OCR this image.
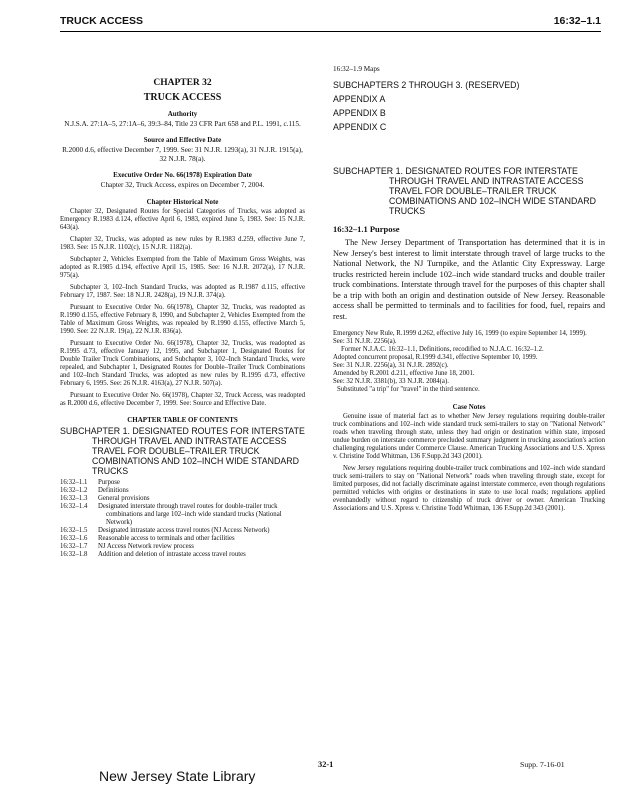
TRUCK ACCESS	16:32–1.1
CHAPTER 32
TRUCK ACCESS
Authority
N.J.S.A. 27:1A–5, 27:1A–6, 39:3–84, Title 23 CFR Part 658 and P.L. 1991, c.115.
Source and Effective Date
R.2000 d.6, effective December 7, 1999. See: 31 N.J.R. 1293(a), 31 N.J.R. 1915(a), 32 N.J.R. 78(a).
Executive Order No. 66(1978) Expiration Date
Chapter 32, Truck Access, expires on December 7, 2004.
Chapter Historical Note

Chapter 32, Designated Routes for Special Categories of Trucks, was adopted as Emergency R.1983 d.124, effective April 6, 1983, expired June 5, 1983. See: 15 N.J.R. 643(a).

Chapter 32, Trucks, was adopted as new rules by R.1983 d.259, effective June 7, 1983. See: 15 N.J.R. 1102(c), 15 N.J.R. 1182(a).

Subchapter 2, Vehicles Exempted from the Table of Maximum Gross Weights, was adopted as R.1985 d.194, effective April 15, 1985. See: 16 N.J.R. 2072(a), 17 N.J.R. 975(a).

Subchapter 3, 102–Inch Standard Trucks, was adopted as R.1987 d.115, effective February 17, 1987. See: 18 N.J.R. 2428(a), 19 N.J.R. 374(a).

Pursuant to Executive Order No. 66(1978), Chapter 32, Trucks, was readopted as R.1990 d.155, effective February 8, 1990, and Subchapter 2, Vehicles Exempted from the Table of Maximum Gross Weights, was repealed by R.1990 d.155, effective March 5, 1990. See: 22 N.J.R. 19(a), 22 N.J.R. 836(a).

Pursuant to Executive Order No. 66(1978), Chapter 32, Trucks, was readopted as R.1995 d.73, effective January 12, 1995, and Subchapter 1, Designated Routes for Double Trailer Truck Combinations, and Subchapter 3, 102–Inch Standard Trucks, were repealed, and Subchapter 1, Designated Routes for Double–Trailer Truck Combinations and 102–Inch Standard Trucks, was adopted as new rules by R.1995 d.73, effective February 6, 1995. See: 26 N.J.R. 4163(a), 27 N.J.R. 507(a).

Pursuant to Executive Order No. 66(1978), Chapter 32, Truck Access, was readopted as R.2000 d.6, effective December 7, 1999. See: Source and Effective Date.

CHAPTER TABLE OF CONTENTS
SUBCHAPTER 1. DESIGNATED ROUTES FOR INTERSTATE THROUGH TRAVEL AND INTRASTATE ACCESS TRAVEL FOR DOUBLE–TRAILER TRUCK COMBINATIONS AND 102–INCH WIDE STANDARD TRUCKS
16:32–1.1	Purpose
16:32–1.2	Definitions
16:32–1.3	General provisions
16:32–1.4	Designated interstate through travel routes for double-trailer truck combinations and large 102–inch wide standard trucks (National Network)
16:32–1.5	Designated intrastate access travel routes (NJ Access Network)
16:32–1.6	Reasonable access to terminals and other facilities
16:32–1.7	NJ Access Network review process
16:32–1.8	Addition and deletion of intrastate access travel routes
16:32–1.9 Maps
SUBCHAPTERS 2 THROUGH 3. (RESERVED)
APPENDIX A
APPENDIX B
APPENDIX C
SUBCHAPTER 1. DESIGNATED ROUTES FOR INTERSTATE THROUGH TRAVEL AND INTRASTATE ACCESS TRAVEL FOR DOUBLE–TRAILER TRUCK COMBINATIONS AND 102–INCH WIDE STANDARD TRUCKS
16:32–1.1 Purpose

The New Jersey Department of Transportation has determined that it is in New Jersey's best interest to limit interstate through travel of large trucks to the National Network, the NJ Turnpike, and the Atlantic City Expressway. Large trucks restricted herein include 102–inch wide standard trucks and double trailer truck combinations. Interstate through travel for the purposes of this chapter shall be a trip with both an origin and destination outside of New Jersey. Reasonable access shall be permitted to terminals and to facilities for food, fuel, repairs and rest.

Emergency New Rule, R.1999 d.262, effective July 16, 1999 (to expire September 14, 1999).
See: 31 N.J.R. 2256(a).
Former N.J.A.C. 16:32–1.1, Definitions, recodified to N.J.A.C. 16:32–1.2.
Adopted concurrent proposal, R.1999 d.341, effective September 10, 1999.
See: 31 N.J.R. 2256(a), 31 N.J.R. 2892(c).
Amended by R.2001 d.211, effective June 18, 2001.
See: 32 N.J.R. 3381(b), 33 N.J.R. 2084(a).
Substituted "a trip" for "travel" in the third sentence.
Case Notes

Genuine issue of material fact as to whether New Jersey regulations requiring double-trailer truck combinations and 102–inch wide standard truck semi-trailers to stay on "National Network" roads when traveling through state, unless they had origin or destination within state, imposed undue burden on interstate commerce precluded summary judgment in trucking association's action challenging regulations under Commerce Clause. American Trucking Associations and U.S. Xpress v. Christine Todd Whitman, 136 F.Supp.2d 343 (2001).

New Jersey regulations requiring double-trailer truck combinations and 102–inch wide standard truck semi-trailers to stay on "National Network" roads when traveling through state, except for limited purposes, did not facially discriminate against interstate commerce, even though regulations permitted vehicles with origins or destinations in state to use local roads; regulations applied evenhandedly without regard to citizenship of truck driver or owner. American Trucking Associations and U.S. Xpress v. Christine Todd Whitman, 136 F.Supp.2d 343 (2001).

New Jersey State Library
32-1	Supp. 7-16-01
